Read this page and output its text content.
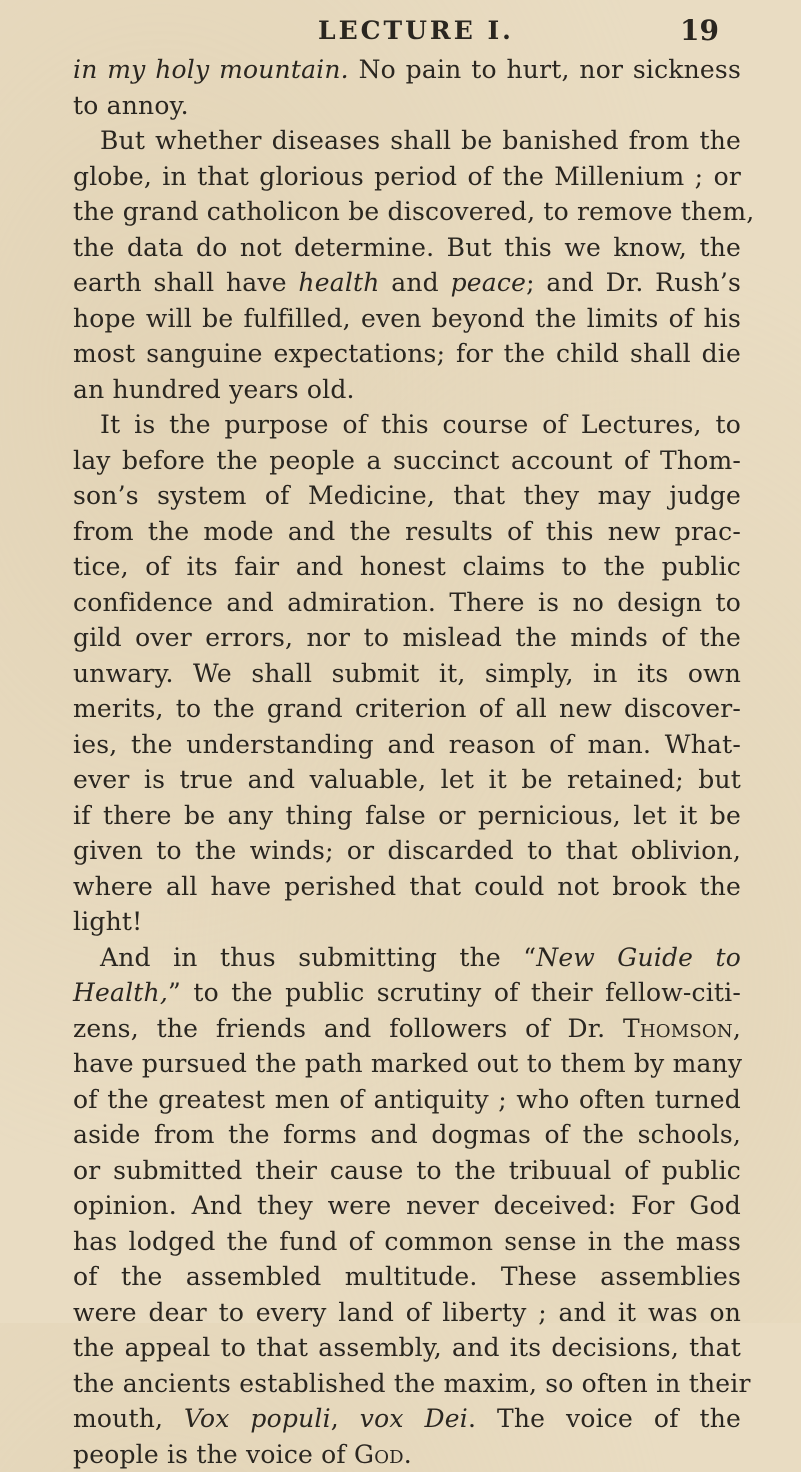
LECTURE I.	19
in my holy mountain. No pain to hurt, nor sickness
to annoy.
But whether diseases shall be banished from the
globe, in that glorious period of the Millenium ; or
the grand catholicon be discovered, to remove them,
the data do not determine. But this we know, the
earth shall have health and peace; and Dr. Rush’s
hope will be fulfilled, even beyond the limits of his
most sanguine expectations; for the child shall die
an hundred years old.
It is the purpose of this course of Lectures, to
lay before the people a succinct account of Thom-
son’s system of Medicine, that they may judge
from the mode and the results of this new prac-
tice, of its fair and honest claims to the public
confidence and admiration. There is no design to
gild over errors, nor to mislead the minds of the
unwary. We shall submit it, simply, in its own
merits, to the grand criterion of all new discover-
ies, the understanding and reason of man. What-
ever is true and valuable, let it be retained; but
if there be any thing false or pernicious, let it be
given to the winds; or discarded to that oblivion,
where all have perished that could not brook the
light!
And in thus submitting the “New Guide to
Health,” to the public scrutiny of their fellow-citi-
zens, the friends and followers of Dr. Thomson,
have pursued the path marked out to them by many
of the greatest men of antiquity ; who often turned
aside from the forms and dogmas of the schools,
or submitted their cause to the tribuual of public
opinion. And they were never deceived: For God
has lodged the fund of common sense in the mass
of the assembled multitude. These assemblies
were dear to every land of liberty ; and it was on
the appeal to that assembly, and its decisions, that
the ancients established the maxim, so often in their
mouth, Vox populi, vox Dei. The voice of the
people is the voice of God.
